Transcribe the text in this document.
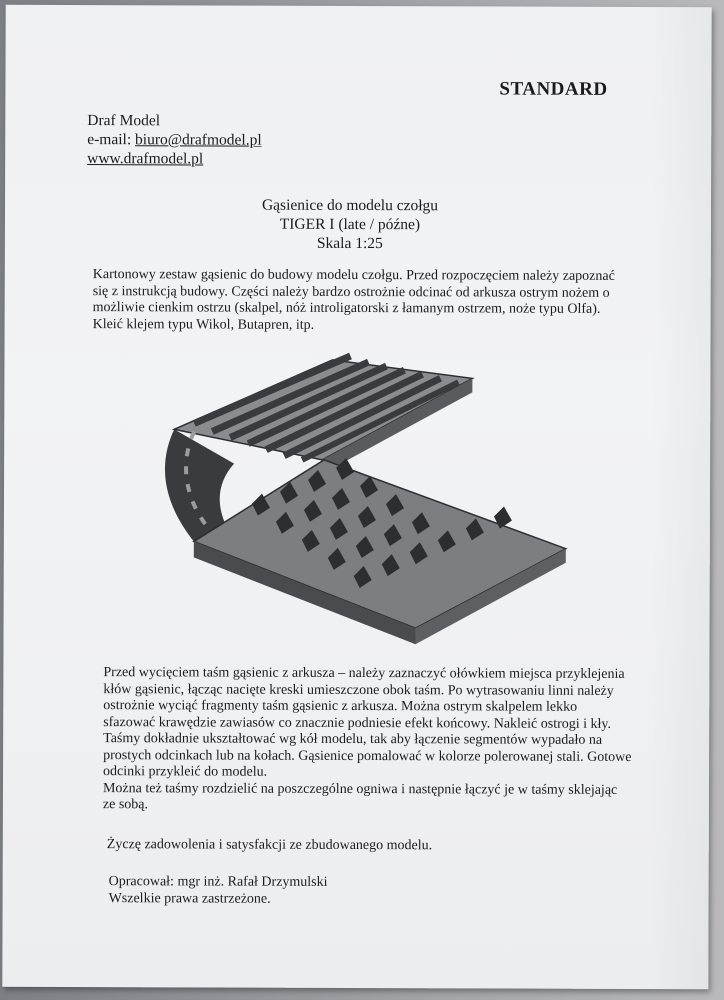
STANDARD
Draf Model
e-mail: biuro@drafmodel.pl
www.drafmodel.pl
Gąsienice do modelu czołgu
TIGER I (late / późne)
Skala 1:25
Kartonowy zestaw gąsienic do budowy modelu czołgu. Przed rozpoczęciem należy zapoznać
się z instrukcją budowy. Części należy bardzo ostrożnie odcinać od arkusza ostrym nożem o
możliwie cienkim ostrzu (skalpel, nóż introligatorski z łamanym ostrzem, noże typu Olfa).
Kleić klejem typu Wikol, Butapren, itp.
Przed wycięciem taśm gąsienic z arkusza – należy zaznaczyć ołówkiem miejsca przyklejenia
kłów gąsienic, łącząc nacięte kreski umieszczone obok taśm. Po wytrasowaniu linni należy
ostrożnie wyciąć fragmenty taśm gąsienic z arkusza. Można ostrym skalpelem lekko
sfazować krawędzie zawiasów co znacznie podniesie efekt końcowy. Nakleić ostrogi i kły.
Taśmy dokładnie ukształtować wg kół modelu, tak aby łączenie segmentów wypadało na
prostych odcinkach lub na kołach. Gąsienice pomalować w kolorze polerowanej stali. Gotowe
odcinki przykleić do modelu.
Można też taśmy rozdzielić na poszczególne ogniwa i następnie łączyć je w taśmy sklejając
ze sobą.
Życzę zadowolenia i satysfakcji ze zbudowanego modelu.
Opracował: mgr inż. Rafał Drzymulski
Wszelkie prawa zastrzeżone.
